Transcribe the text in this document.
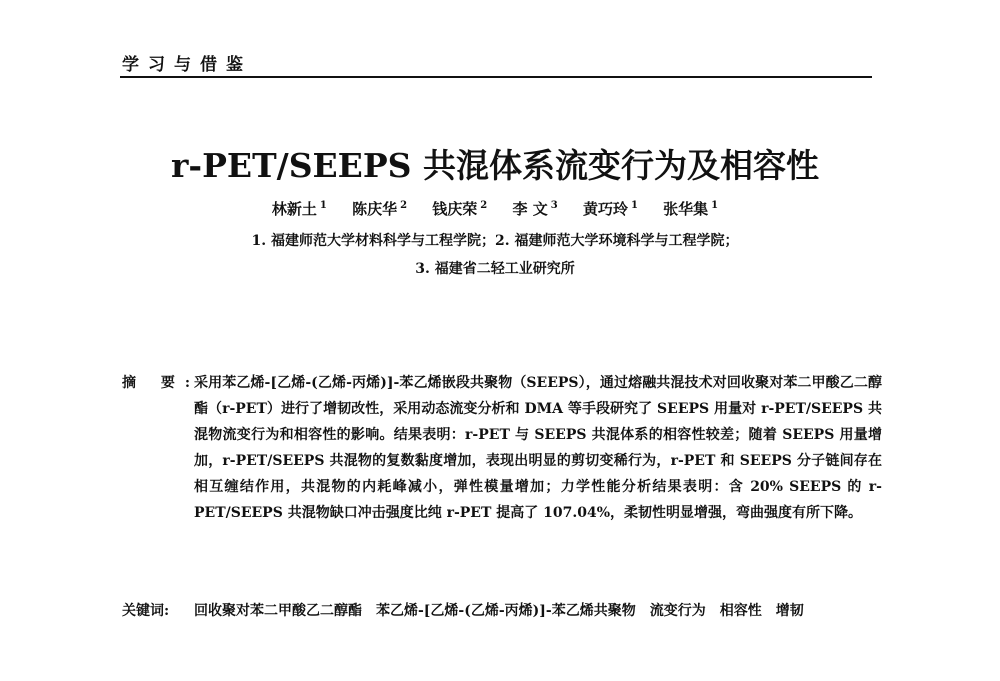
学习与借鉴
r-PET/SEEPS 共混体系流变行为及相容性
林新土 $^1$ 陈庆华 $^2$ 钱庆荣 $^2$ 李 文 $^3$ 黄巧玲 $^1$ 张华集 $^1$
1. 福建师范大学材料科学与工程学院；2. 福建师范大学环境科学与工程学院；
3. 福建省二轻工业研究所
摘 要:
采用苯乙烯-[乙烯-(乙烯-丙烯)]-苯乙烯嵌段共聚物（SEEPS），通过熔融共混技术对回收聚对苯二甲酸乙二醇酯（r-PET）进行了增韧改性，采用动态流变分析和 DMA 等手段研究了 SEEPS 用量对 r-PET/SEEPS 共混物流变行为和相容性的影响。结果表明：r-PET 与 SEEPS 共混体系的相容性较差；随着 SEEPS 用量增加，r-PET/SEEPS 共混物的复数黏度增加，表现出明显的剪切变稀行为，r-PET 和 SEEPS 分子链间存在相互缠结作用，共混物的内耗峰减小，弹性模量增加；力学性能分析结果表明：含 20% SEEPS 的 r-PET/SEEPS 共混物缺口冲击强度比纯 r-PET 提高了 107.04%，柔韧性明显增强，弯曲强度有所下降。
关键词:	回收聚对苯二甲酸乙二醇酯　苯乙烯-[乙烯-(乙烯-丙烯)]-苯乙烯共聚物　流变行为　相容性　增韧
